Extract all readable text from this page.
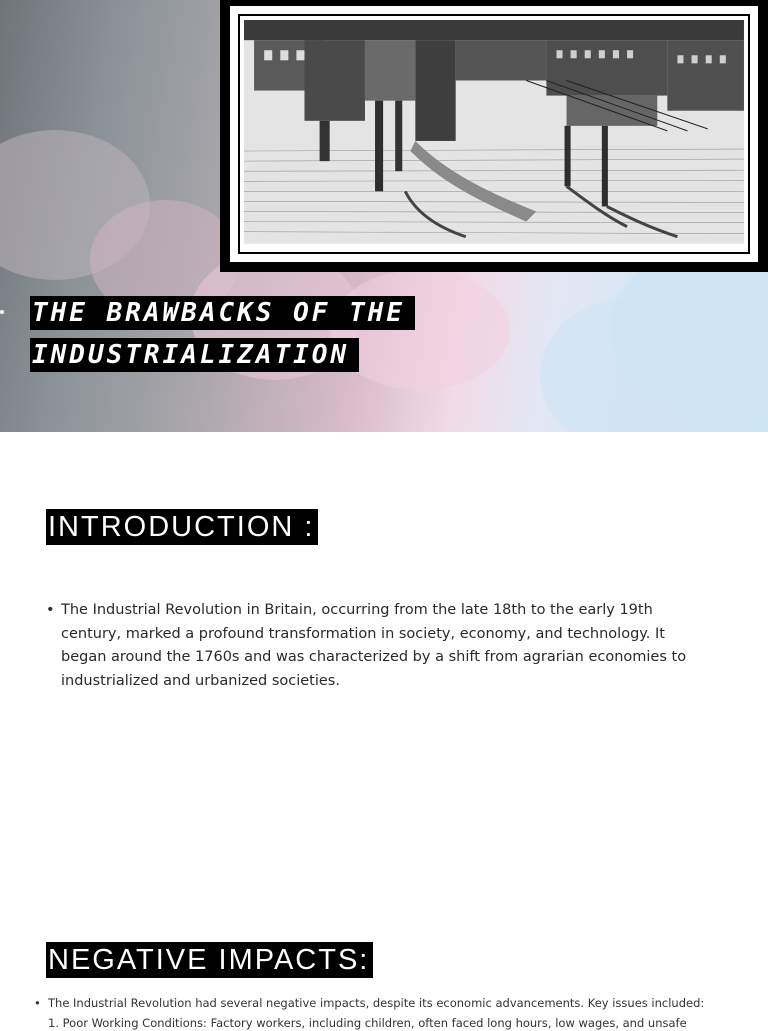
THE BRAWBACKS OF THE
INDUSTRIALIZATION
INTRODUCTION :
• The Industrial Revolution in Britain, occurring from the late 18th to the early 19th century, marked a profound transformation in society, economy, and technology. It began around the 1760s and was characterized by a shift from agrarian economies to industrialized and urbanized societies.
NEGATIVE IMPACTS:
• The Industrial Revolution had several negative impacts, despite its economic advancements. Key issues included:
1. Poor Working Conditions: Factory workers, including children, often faced long hours, low wages, and unsafe
